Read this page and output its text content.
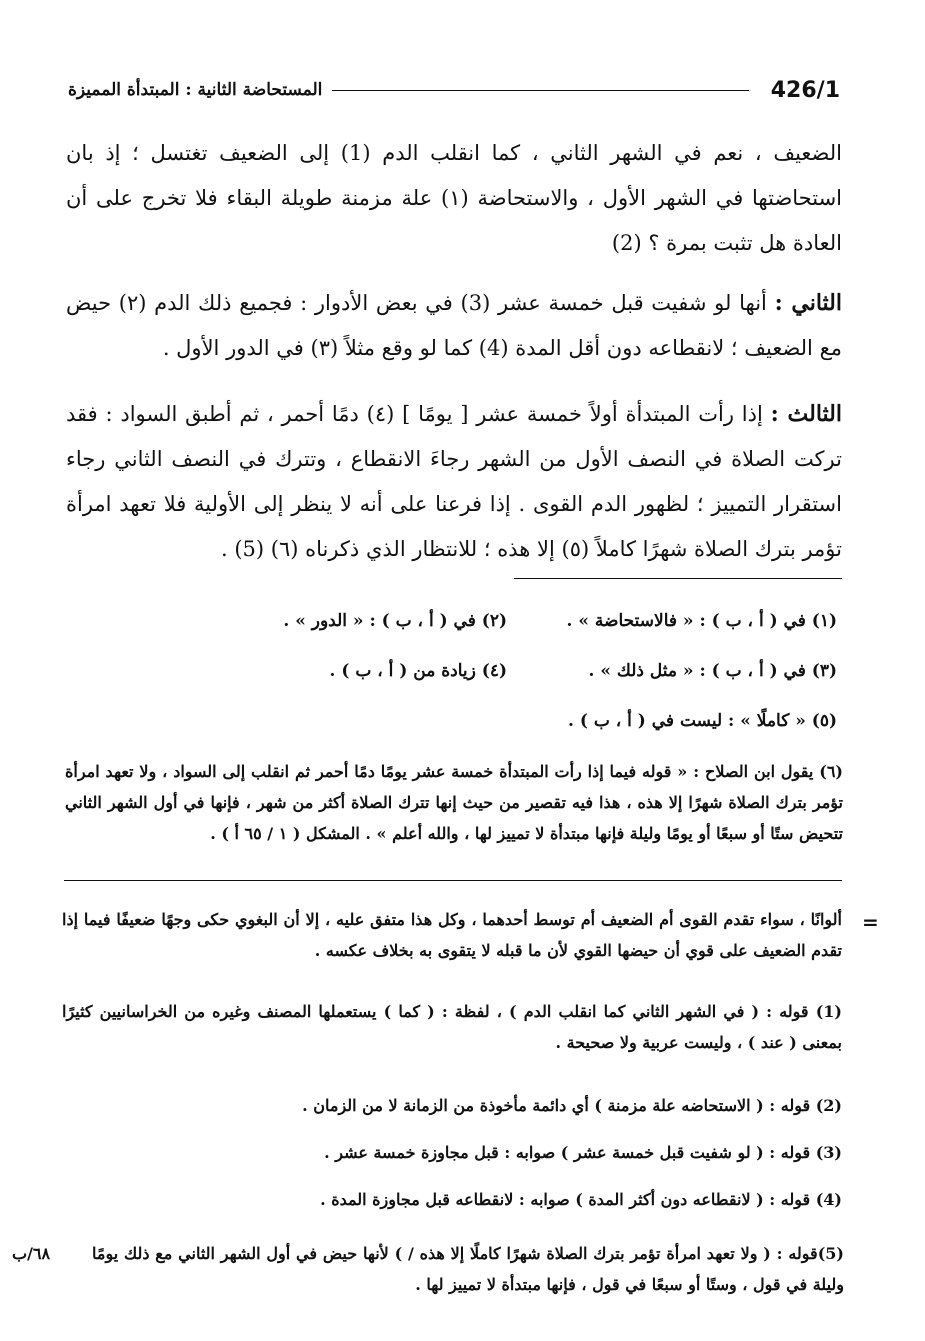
426/1
المستحاضة الثانية : المبتدأة المميزة

الضعيف ، نعم في الشهر الثاني ، كما انقلب الدم (1) إلى الضعيف تغتسل ؛ إذ بان استحاضتها في الشهر الأول ، والاستحاضة (١) علة مزمنة طويلة البقاء فلا تخرج على أن العادة هل تثبت بمرة ؟ (2)

الثاني : أنها لو شفيت قبل خمسة عشر (3) في بعض الأدوار : فجميع ذلك الدم (٢) حيض مع الضعيف ؛ لانقطاعه دون أقل المدة (4) كما لو وقع مثلاً (٣) في الدور الأول .

الثالث : إذا رأت المبتدأة أولاً خمسة عشر [ يومًا ] (٤) دمًا أحمر ، ثم أطبق السواد : فقد تركت الصلاة في النصف الأول من الشهر رجاءَ الانقطاع ، وتترك في النصف الثاني رجاء استقرار التمييز ؛ لظهور الدم القوى . إذا فرعنا على أنه لا ينظر إلى الأولية فلا تعهد امرأة تؤمر بترك الصلاة شهرًا كاملاً (٥) إلا هذه ؛ للانتظار الذي ذكرناه (٦) (5) .

(١) في ( أ ، ب ) : « فالاستحاضة » .
(٢) في ( أ ، ب ) : « الدور » .
(٣) في ( أ ، ب ) : « مثل ذلك » .
(٤) زيادة من ( أ ، ب ) .
(٥) « كاملًا » : ليست في ( أ ، ب ) .

(٦) يقول ابن الصلاح : « قوله فيما إذا رأت المبتدأة خمسة عشر يومًا دمًا أحمر ثم انقلب إلى السواد ، ولا تعهد امرأة تؤمر بترك الصلاة شهرًا إلا هذه ، هذا فيه تقصير من حيث إنها تترك الصلاة أكثر من شهر ، فإنها في أول الشهر الثاني تتحيض ستًا أو سبعًا أو يومًا وليلة فإنها مبتدأة لا تمييز لها ، والله أعلم » . المشكل ( ١ / ٦٥ أ ) .

=

ألوانًا ، سواء تقدم القوى أم الضعيف أم توسط أحدهما ، وكل هذا متفق عليه ، إلا أن البغوي حكى وجهًا ضعيفًا فيما إذا تقدم الضعيف على قوي أن حيضها القوي لأن ما قبله لا يتقوى به بخلاف عكسه .

(1) قوله : ( في الشهر الثاني كما انقلب الدم ) ، لفظة : ( كما ) يستعملها المصنف وغيره من الخراسانيين كثيرًا بمعنى ( عند ) ، وليست عربية ولا صحيحة .

(2) قوله : ( الاستحاضه علة مزمنة ) أي دائمة مأخوذة من الزمانة لا من الزمان .

(3) قوله : ( لو شفيت قبل خمسة عشر ) صوابه : قبل مجاوزة خمسة عشر .

(4) قوله : ( لانقطاعه دون أكثر المدة ) صوابه : لانقطاعه قبل مجاوزة المدة .

(5)قوله : ( ولا تعهد امرأة تؤمر بترك الصلاة شهرًا كاملًا إلا هذه / ) لأنها حيض في أول الشهر الثاني مع ذلك يومًا وليلة في قول ، وستًا أو سبعًا في قول ، فإنها مبتدأة لا تمييز لها .

٦٨/ب
